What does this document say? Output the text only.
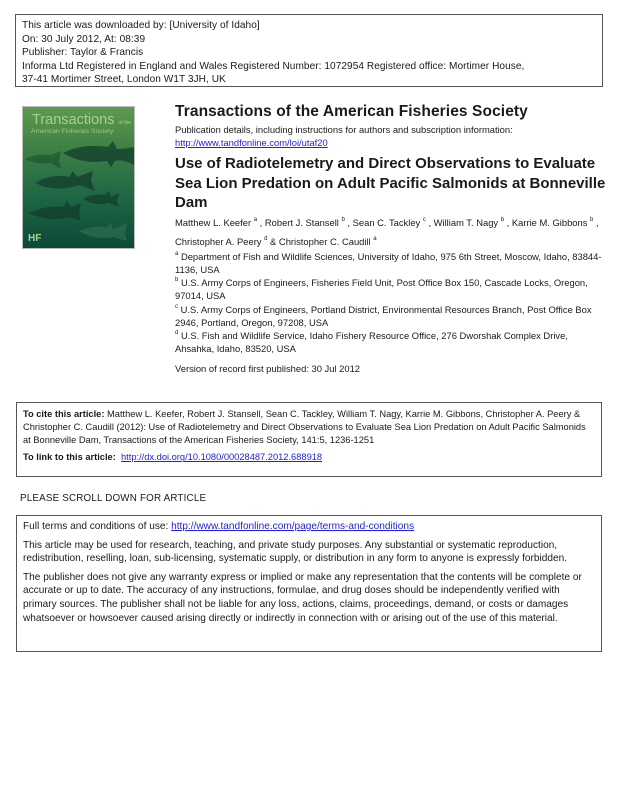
This article was downloaded by: [University of Idaho]
On: 30 July 2012, At: 08:39
Publisher: Taylor & Francis
Informa Ltd Registered in England and Wales Registered Number: 1072954 Registered office: Mortimer House,
37-41 Mortimer Street, London W1T 3JH, UK
Transactions of the
American Fisheries Society
HF
Transactions of the American Fisheries Society
Publication details, including instructions for authors and subscription information:
http://www.tandfonline.com/loi/utaf20
Use of Radiotelemetry and Direct Observations to Evaluate Sea Lion Predation on Adult Pacific Salmonids at Bonneville Dam
Matthew L. Keefer $^a$ , Robert J. Stansell $^b$ , Sean C. Tackley $^c$ , William T. Nagy $^b$ , Karrie M. Gibbons $^b$ , Christopher A. Peery $^d$ & Christopher C. Caudill $^a$
$^a$ Department of Fish and Wildlife Sciences, University of Idaho, 975 6th Street, Moscow, Idaho, 83844-1136, USA
$^b$ U.S. Army Corps of Engineers, Fisheries Field Unit, Post Office Box 150, Cascade Locks, Oregon, 97014, USA
$^c$ U.S. Army Corps of Engineers, Portland District, Environmental Resources Branch, Post Office Box 2946, Portland, Oregon, 97208, USA
$^d$ U.S. Fish and Wildlife Service, Idaho Fishery Resource Office, 276 Dworshak Complex Drive, Ahsahka, Idaho, 83520, USA
Version of record first published: 30 Jul 2012
To cite this article: Matthew L. Keefer, Robert J. Stansell, Sean C. Tackley, William T. Nagy, Karrie M. Gibbons, Christopher A. Peery & Christopher C. Caudill (2012): Use of Radiotelemetry and Direct Observations to Evaluate Sea Lion Predation on Adult Pacific Salmonids at Bonneville Dam, Transactions of the American Fisheries Society, 141:5, 1236-1251
To link to this article: http://dx.doi.org/10.1080/00028487.2012.688918
PLEASE SCROLL DOWN FOR ARTICLE

Full terms and conditions of use: http://www.tandfonline.com/page/terms-and-conditions

This article may be used for research, teaching, and private study purposes. Any substantial or systematic reproduction, redistribution, reselling, loan, sub-licensing, systematic supply, or distribution in any form to anyone is expressly forbidden.

The publisher does not give any warranty express or implied or make any representation that the contents will be complete or accurate or up to date. The accuracy of any instructions, formulae, and drug doses should be independently verified with primary sources. The publisher shall not be liable for any loss, actions, claims, proceedings, demand, or costs or damages whatsoever or howsoever caused arising directly or indirectly in connection with or arising out of the use of this material.
